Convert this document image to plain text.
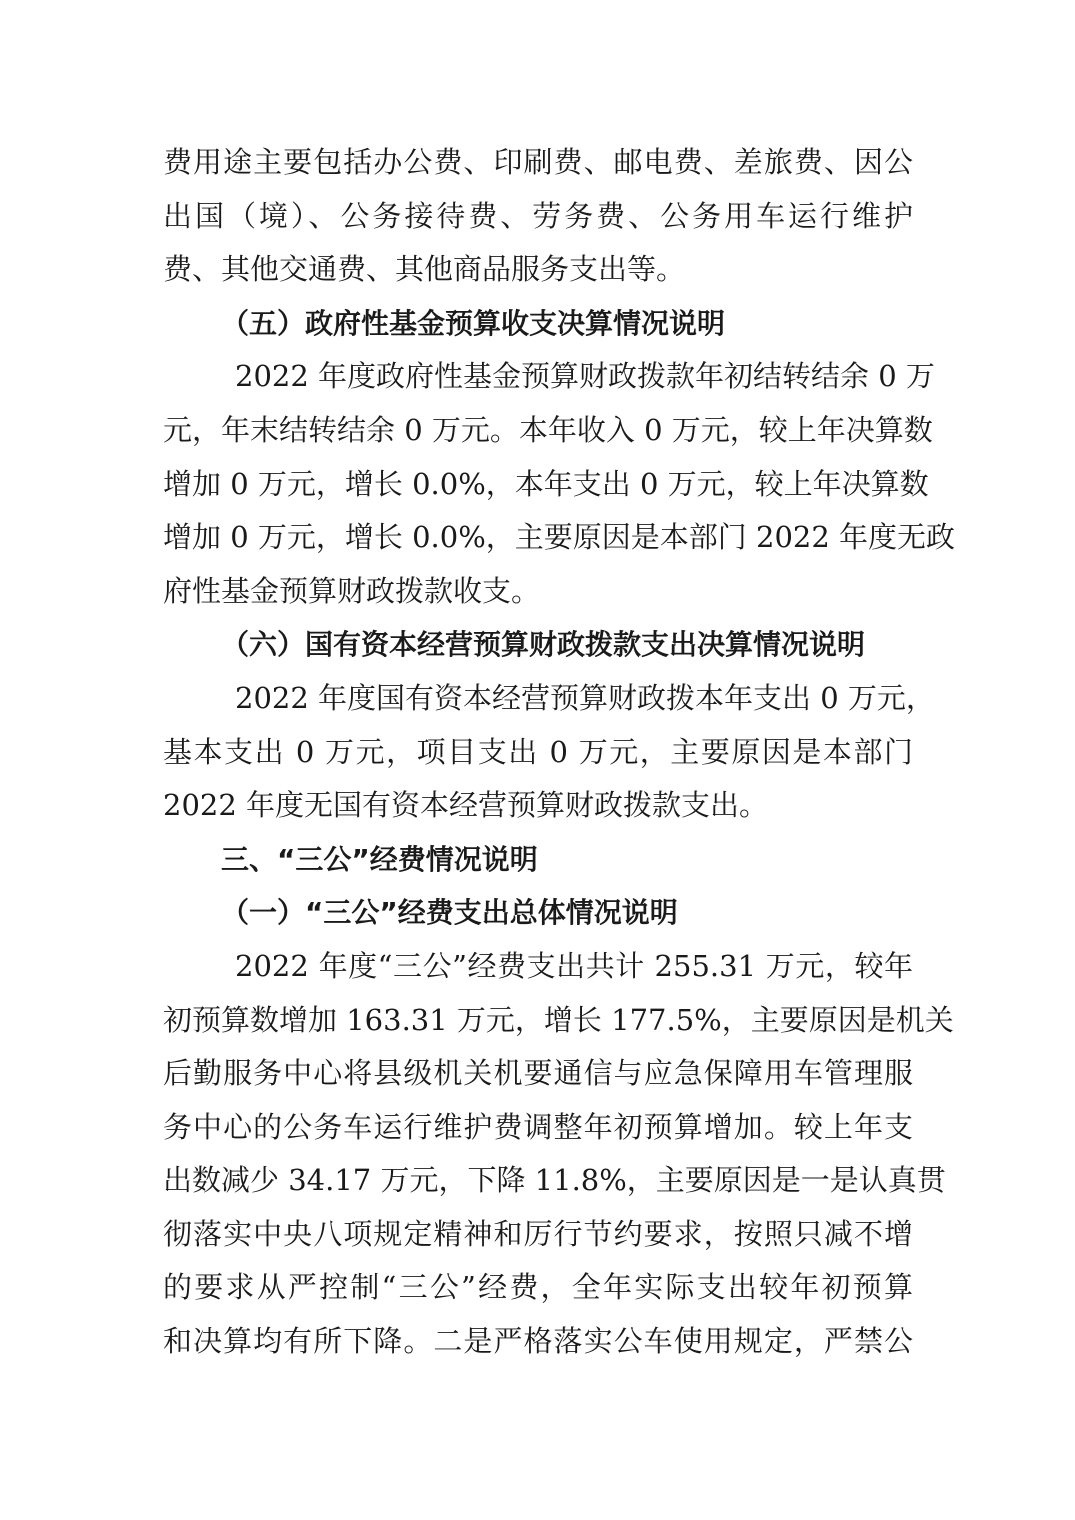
费用途主要包括办公费、印刷费、邮电费、差旅费、因公
出国（境）、公务接待费、劳务费、公务用车运行维护
费、其他交通费、其他商品服务支出等。
（五）政府性基金预算收支决算情况说明
2022 年度政府性基金预算财政拨款年初结转结余 0 万
元，年末结转结余 0 万元。本年收入 0 万元，较上年决算数
增加 0 万元，增长 0.0%，本年支出 0 万元，较上年决算数
增加 0 万元，增长 0.0%，主要原因是本部门 2022 年度无政
府性基金预算财政拨款收支。
（六）国有资本经营预算财政拨款支出决算情况说明
2022 年度国有资本经营预算财政拨本年支出 0 万元，
基本支出 0 万元，项目支出 0 万元，主要原因是本部门
2022 年度无国有资本经营预算财政拨款支出。
三、“三公”经费情况说明
（一）“三公”经费支出总体情况说明
2022 年度“三公”经费支出共计 255.31 万元，较年
初预算数增加 163.31 万元，增长 177.5%，主要原因是机关
后勤服务中心将县级机关机要通信与应急保障用车管理服
务中心的公务车运行维护费调整年初预算增加。较上年支
出数减少 34.17 万元，下降 11.8%，主要原因是一是认真贯
彻落实中央八项规定精神和厉行节约要求，按照只减不增
的要求从严控制“三公”经费，全年实际支出较年初预算
和决算均有所下降。二是严格落实公车使用规定，严禁公
